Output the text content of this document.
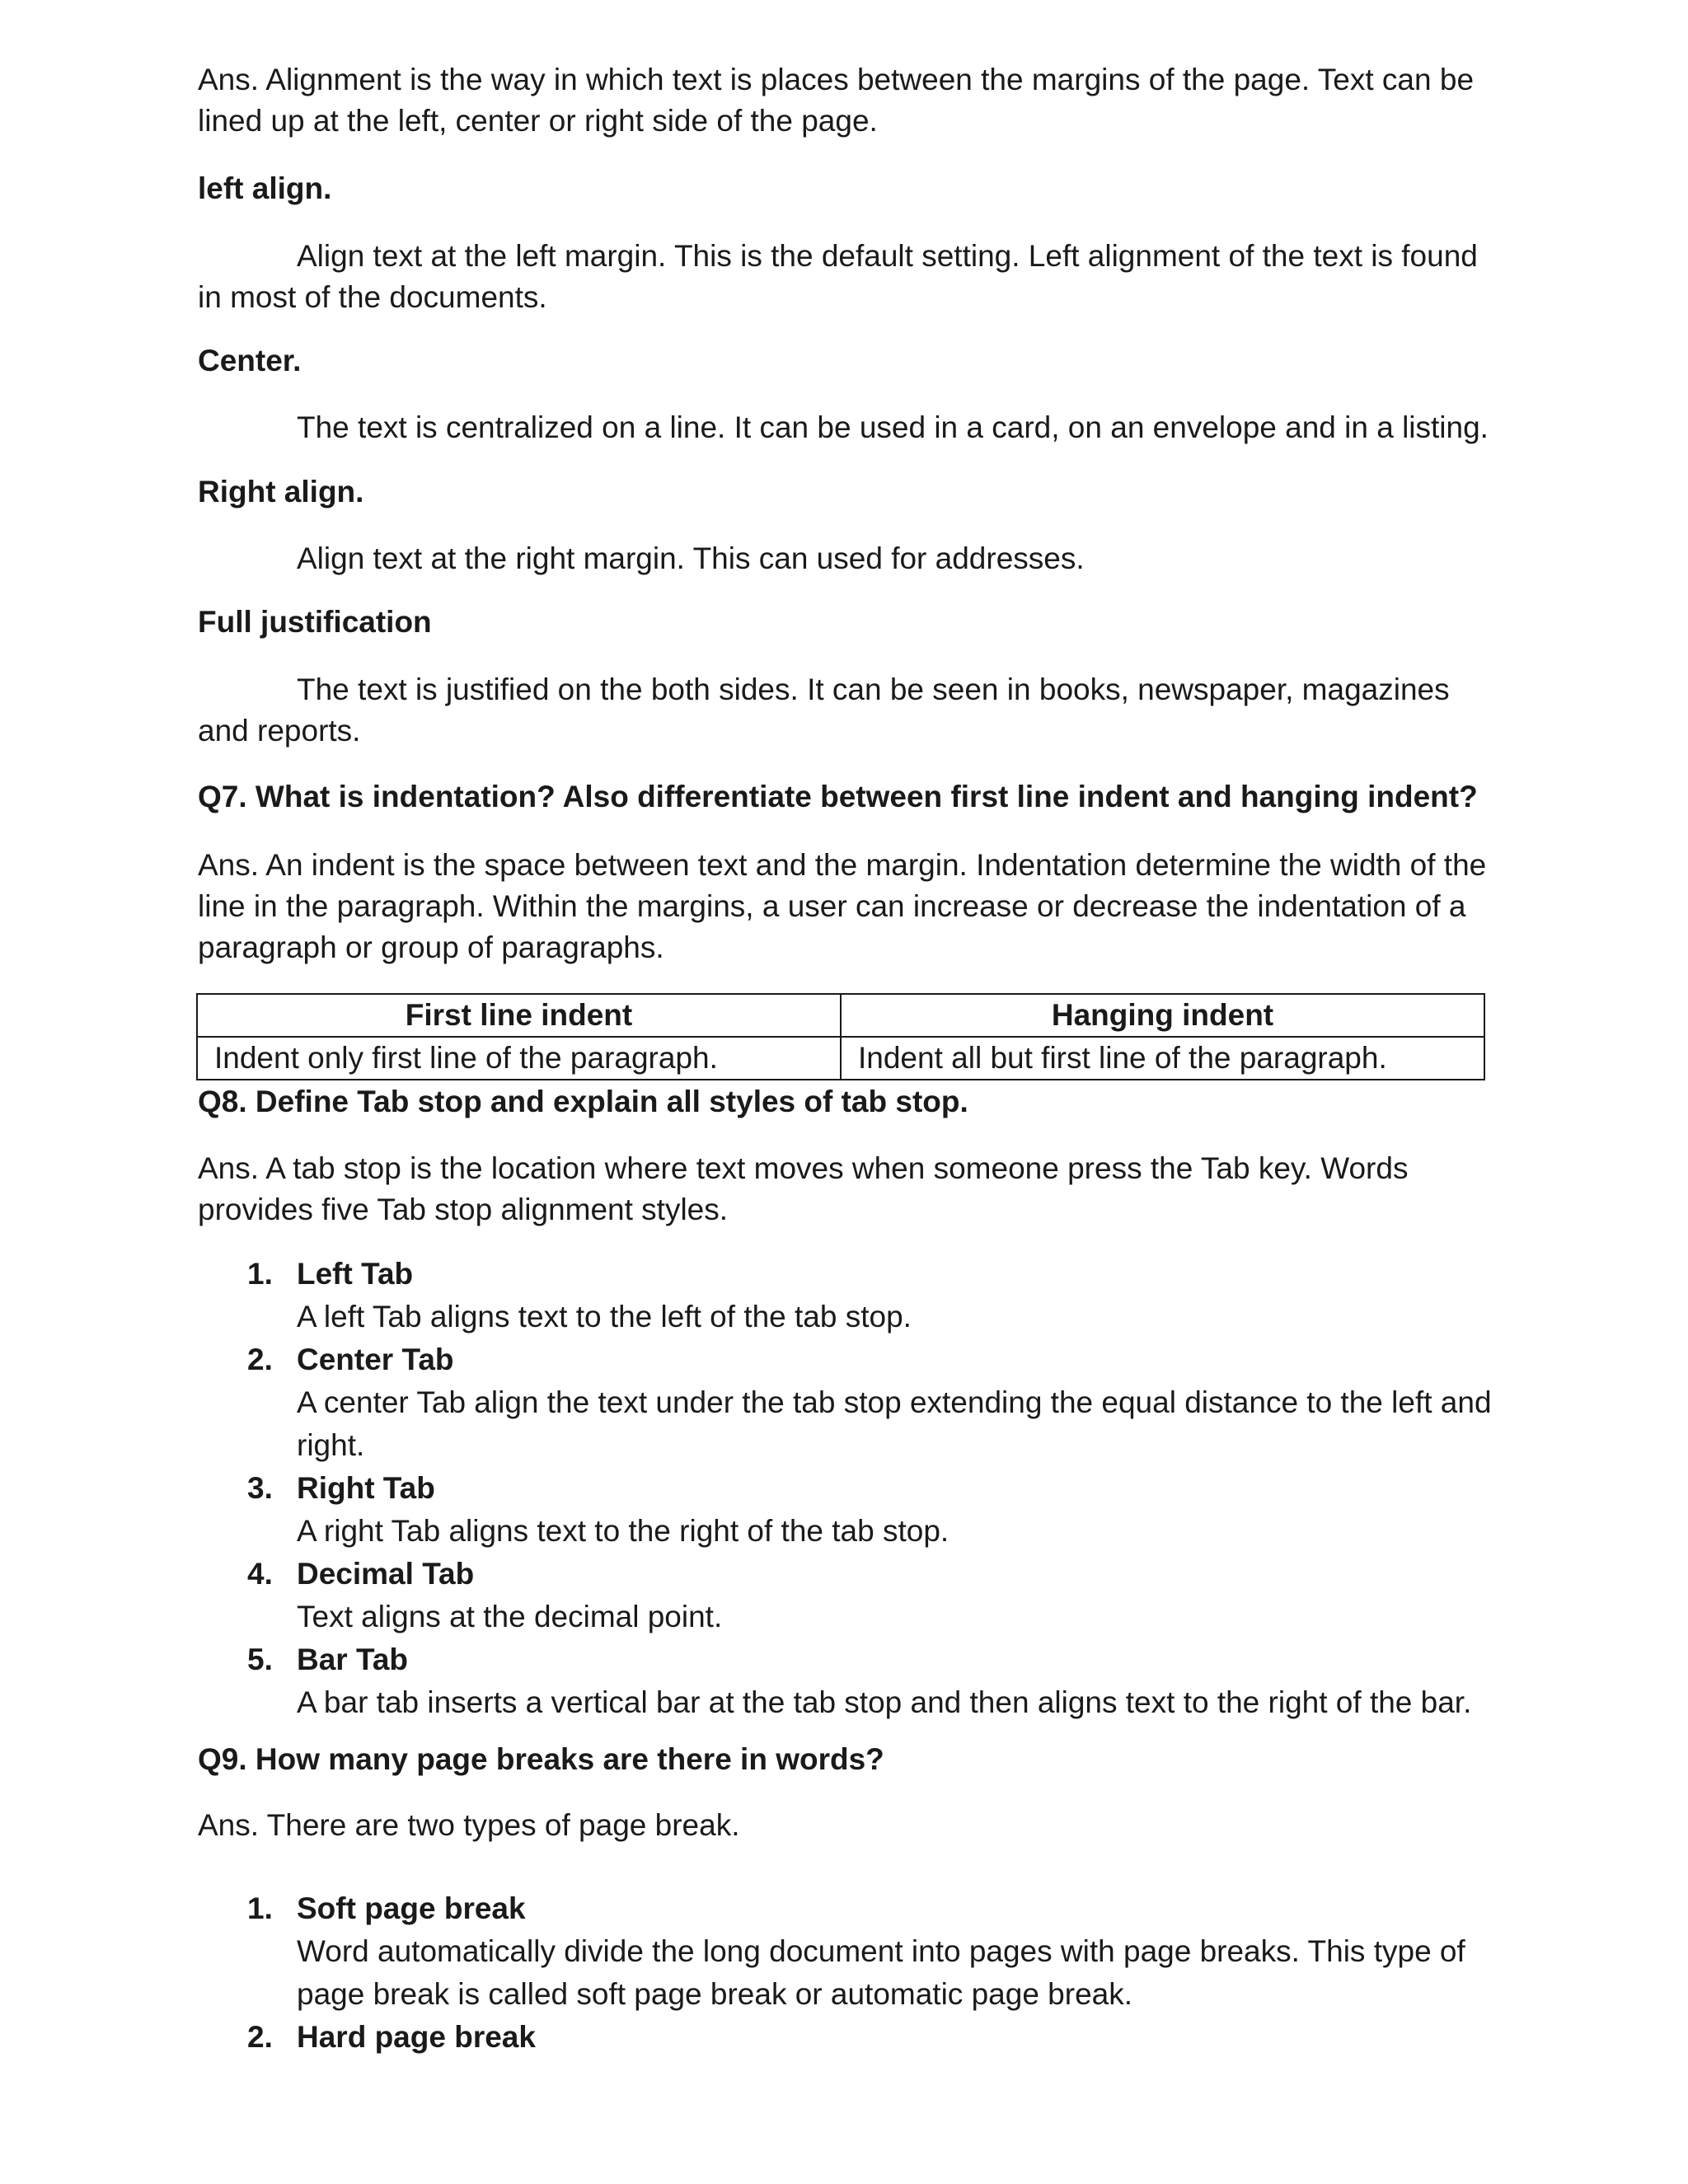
Ans. Alignment is the way in which text is places between the margins of the page. Text can be lined up at the left, center or right side of the page.

left align.

Align text at the left margin. This is the default setting. Left alignment of the text is found in most of the documents.

Center.

The text is centralized on a line. It can be used in a card, on an envelope and in a listing.

Right align.

Align text at the right margin. This can used for addresses.

Full justification

The text is justified on the both sides. It can be seen in books, newspaper, magazines and reports.

Q7. What is indentation? Also differentiate between first line indent and hanging indent?

Ans. An indent is the space between text and the margin. Indentation determine the width of the line in the paragraph. Within the margins, a user can increase or decrease the indentation of a paragraph or group of paragraphs.

First line indent	Hanging indent
Indent only first line of the paragraph.	Indent all but first line of the paragraph.

Q8. Define Tab stop and explain all styles of tab stop.

Ans. A tab stop is the location where text moves when someone press the Tab key. Words provides five Tab stop alignment styles.

1. Left Tab
A left Tab aligns text to the left of the tab stop.
2. Center Tab
A center Tab align the text under the tab stop extending the equal distance to the left and right.
3. Right Tab
A right Tab aligns text to the right of the tab stop.
4. Decimal Tab
Text aligns at the decimal point.
5. Bar Tab
A bar tab inserts a vertical bar at the tab stop and then aligns text to the right of the bar.

Q9. How many page breaks are there in words?

Ans. There are two types of page break.

1. Soft page break
Word automatically divide the long document into pages with page breaks. This type of page break is called soft page break or automatic page break.
2. Hard page break
